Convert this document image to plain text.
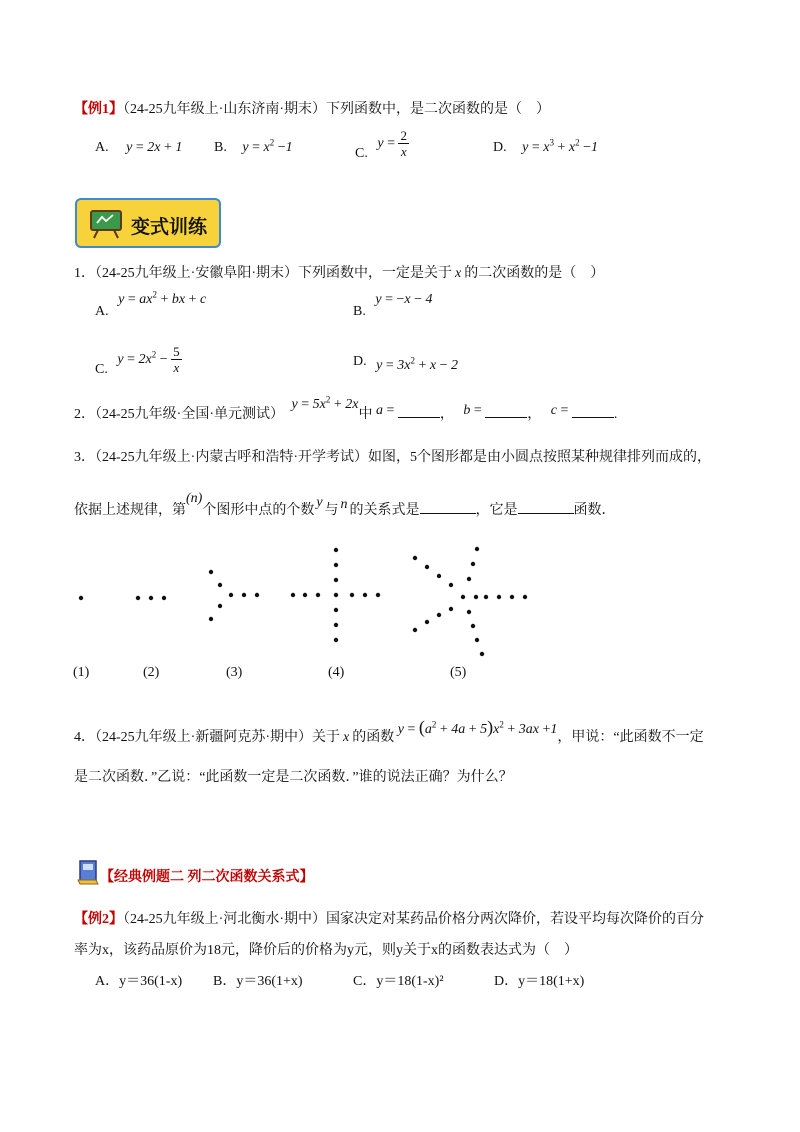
【例1】（24-25九年级上·山东济南·期末）下列函数中，是二次函数的是（　）
A. y = 2x + 1 B. $y = x^2 -1$	C. $y = \frac{2}{x}$	D. $y = x^3 + x^2 -1$
变式训练
1．（24-25九年级上·安徽阜阳·期末）下列函数中，一定是关于 x 的二次函数的是（　）
A. $y = ax^2$ + bx + c
B. y = −x − 4
C. $y = 2x^2 - \frac{5}{x}$	D. $y = 3x^2 + x - 2$
2．（24-25九年级·全国·单元测试） $y = 5x^2 + 2x$中 a =	， b =	， c =	.
3．（24-25九年级上·内蒙古呼和浩特·开学考试）如图，5个图形都是由小圆点按照某种规律排列而成的，
依据上述规律，第(n)个图形中点的个数y与 n 的关系式是	，它是	函数．
(1)	(2)	(3)	(4)	(5)
4．（24-25九年级上·新疆阿克苏·期中）关于 x 的函数 $y = (a^2 + 4a + 5)x^2 + 3ax +1$，甲说：“此函数不一定
是二次函数．”乙说：“此函数一定是二次函数．”谁的说法正确？为什么？
【经典例题二 列二次函数关系式】
【例2】（24-25九年级上·河北衡水·期中）国家决定对某药品价格分两次降价，若设平均每次降价的百分
率为x，该药品原价为18元，降价后的价格为y元，则y关于x的函数表达式为（　）
A．y＝36(1-x) B．y＝36(1+x)	C．y＝18(1-x)²	D．y＝18(1+x)
